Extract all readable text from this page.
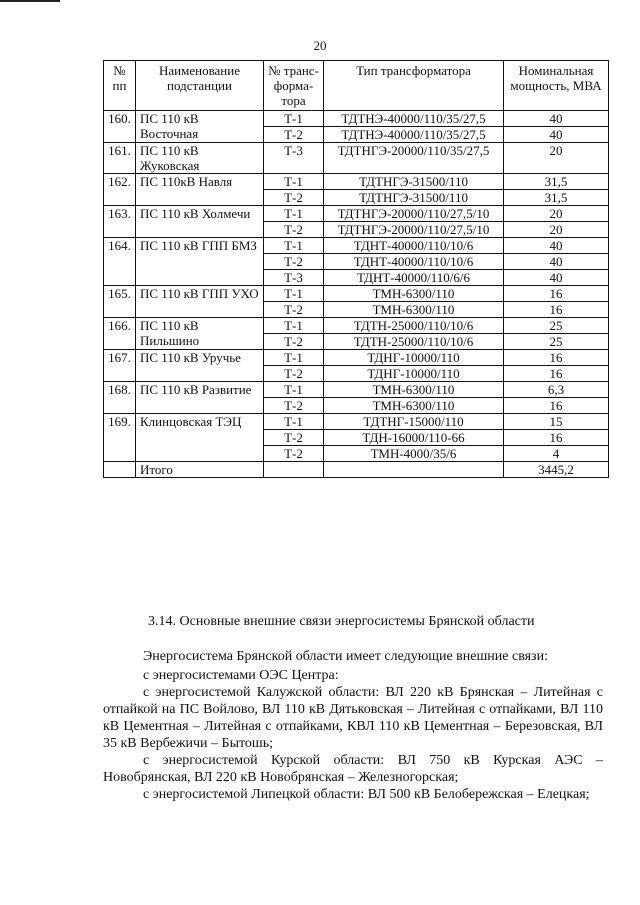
20
№ пп	Наименование подстанции	№ транс-форма-тора	Тип трансформатора	Номинальная мощность, МВА
160.	ПС 110 кВ Восточная	Т-1	ТДТНЭ-40000/110/35/27,5	40
		Т-2	ТДТНЭ-40000/110/35/27,5	40
161.	ПС 110 кВ Жуковская	Т-3	ТДТНГЭ-20000/110/35/27,5	20
162.	ПС 110кВ Навля	Т-1	ТДТНГЭ-31500/110	31,5
		Т-2	ТДТНГЭ-31500/110	31,5
163.	ПС 110 кВ Холмечи	Т-1	ТДТНГЭ-20000/110/27,5/10	20
		Т-2	ТДТНГЭ-20000/110/27,5/10	20
164.	ПС 110 кВ ГПП БМЗ	Т-1	ТДНТ-40000/110/10/6	40
		Т-2	ТДНТ-40000/110/10/6	40
		Т-3	ТДНТ-40000/110/6/6	40
165.	ПС 110 кВ ГПП УХО	Т-1	ТМН-6300/110	16
		Т-2	ТМН-6300/110	16
166.	ПС 110 кВ Пильшино	Т-1	ТДТН-25000/110/10/6	25
		Т-2	ТДТН-25000/110/10/6	25
167.	ПС 110 кВ Уручье	Т-1	ТДНГ-10000/110	16
		Т-2	ТДНГ-10000/110	16
168.	ПС 110 кВ Развитие	Т-1	ТМН-6300/110	6,3
		Т-2	ТМН-6300/110	16
169.	Клинцовская ТЭЦ	Т-1	ТДТНГ-15000/110	15
		Т-2	ТДН-16000/110-66	16
		Т-2	ТМН-4000/35/6	4
	Итого			3445,2
3.14. Основные внешние связи энергосистемы Брянской области

Энергосистема Брянской области имеет следующие внешние связи:

с энергосистемами ОЭС Центра:

с энергосистемой Калужской области: ВЛ 220 кВ Брянская – Литейная с отпайкой на ПС Войлово, ВЛ 110 кВ Дятьковская – Литейная с отпайками, ВЛ 110 кВ Цементная – Литейная с отпайками, КВЛ 110 кВ Цементная – Березовская, ВЛ 35 кВ Вербежичи – Бытошь;

с энергосистемой Курской области: ВЛ 750 кВ Курская АЭС – Новобрянская, ВЛ 220 кВ Новобрянская – Железногорская;

с энергосистемой Липецкой области: ВЛ 500 кВ Белобережская – Елецкая;
